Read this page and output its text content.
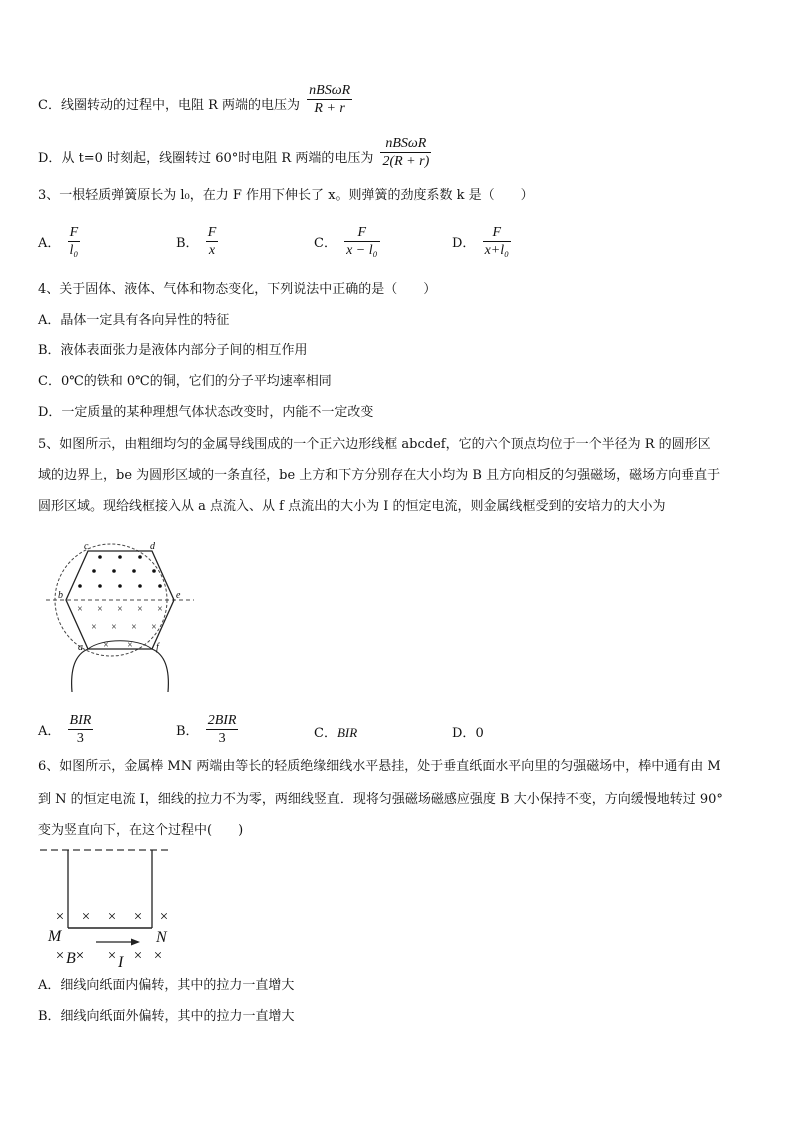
C．线圈转动的过程中，电阻 R 两端的电压为 $\frac{\text{nBSωR}}{R + r}$
D．从 t=0 时刻起，线圈转过 60°时电阻 R 两端的电压为 $\frac{\text{nBSωR}}{2(R + r)}$
3、一根轻质弹簧原长为 l₀，在力 F 作用下伸长了 x。则弹簧的劲度系数 k 是（　　）
A． $\frac{F}{\text{l₀}}$	B． $\frac{F}{x}$	C． $\frac{F}{\text{x − l₀}}$	D． $\frac{F}{\text{x+l₀}}$
4、关于固体、液体、气体和物态变化，下列说法中正确的是（　　）
A．晶体一定具有各向异性的特征
B．液体表面张力是液体内部分子间的相互作用
C．0℃的铁和 0℃的铜，它们的分子平均速率相同
D．一定质量的某种理想气体状态改变时，内能不一定改变
5、如图所示，由粗细均匀的金属导线围成的一个正六边形线框 abcdef，它的六个顶点均位于一个半径为 R 的圆形区
域的边界上，be 为圆形区域的一条直径，be 上方和下方分别存在大小均为 B 且方向相反的匀强磁场，磁场方向垂直于
圆形区域。现给线框接入从 a 点流入、从 f 点流出的大小为 I 的恒定电流，则金属线框受到的安培力的大小为
× × × × ×
× × × ×
× ×
c	d
b	e
a	f
A． $\frac{\text{BIR}}{3}$	B． $\frac{\text{2BIR}}{3}$	C．BIR	D．0
6、如图所示，金属棒 MN 两端由等长的轻质绝缘细线水平悬挂，处于垂直纸面水平向里的匀强磁场中，棒中通有由 M
到 N 的恒定电流 I，细线的拉力不为零，两细线竖直．现将匀强磁场磁感应强度 B 大小保持不变，方向缓慢地转过 90°
变为竖直向下，在这个过程中(　　)
× × × × ×
×	× × ×
M	N
B	I
×
A．细线向纸面内偏转，其中的拉力一直增大
B．细线向纸面外偏转，其中的拉力一直增大
